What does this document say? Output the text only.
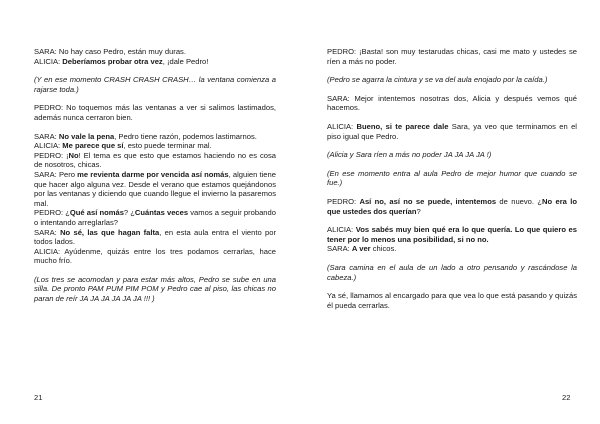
SARA: No hay caso Pedro, están muy duras.

ALICIA: Deberíamos probar otra vez, ¡dale Pedro!

(Y en ese momento CRASH CRASH CRASH… la ventana comienza a rajarse toda.)

PEDRO: No toquemos más las ventanas a ver si salimos lastimados, además nunca cerraron bien.

SARA: No vale la pena, Pedro tiene razón, podemos lastimarnos.

ALICIA: Me parece que sí, esto puede terminar mal.

PEDRO: ¡No! El tema es que esto que estamos haciendo no es cosa de nosotros, chicas.

SARA: Pero me revienta darme por vencida así nomás, alguien tiene que hacer algo alguna vez. Desde el verano que estamos quejándonos por las ventanas y diciendo que cuando llegue el invierno la pasaremos mal.

PEDRO: ¿Qué así nomás? ¿Cuántas veces vamos a seguir probando o intentando arreglarlas?

SARA: No sé, las que hagan falta, en esta aula entra el viento por todos lados.

ALICIA: Ayúdenme, quizás entre los tres podamos cerrarlas, hace mucho frío.

(Los tres se acomodan y para estar más altos, Pedro se sube en una silla. De pronto PAM PUM PIM POM y Pedro cae al piso, las chicas no paran de reír JA JA JA JA JA JA !!! )

21

PEDRO: ¡Basta! son muy testarudas chicas, casi me mato y ustedes se ríen a más no poder.

(Pedro se agarra la cintura y se va del aula enojado por la caída.)

SARA: Mejor intentemos nosotras dos, Alicia y después vemos qué hacemos.

ALICIA: Bueno, si te parece dale Sara, ya veo que terminamos en el piso igual que Pedro.

(Alicia y Sara ríen a más no poder JA JA JA JA !)

(En ese momento entra al aula Pedro de mejor humor que cuando se fue.)

PEDRO: Así no, así no se puede, intentemos de nuevo. ¿No era lo que ustedes dos querían?

ALICIA: Vos sabés muy bien qué era lo que quería. Lo que quiero es tener por lo menos una posibilidad, si no no.

SARA: A ver chicos.

(Sara camina en el aula de un lado a otro pensando y rascándose la cabeza.)

Ya sé, llamamos al encargado para que vea lo que está pasando y quizás él pueda cerrarlas.

22
